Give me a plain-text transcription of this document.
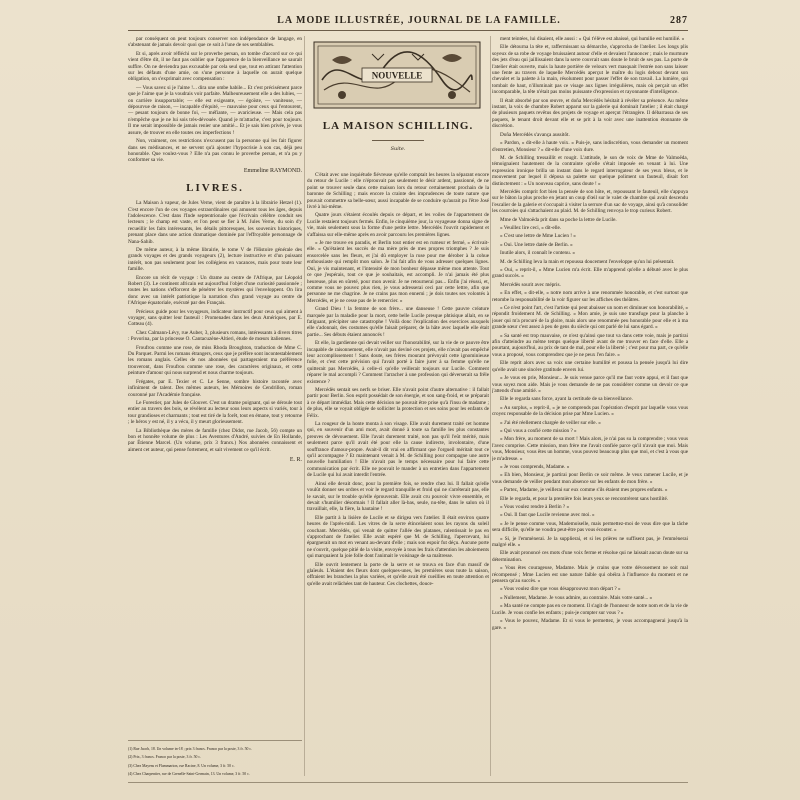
LA MODE ILLUSTRÉE, JOURNAL DE LA FAMILLE.	287

par conséquent on peut toujours conserver son indépendance de langage, en s'abstenant de jamais devoir quoi que ce soit à l'une de ses semblables.

Et si, après avoir réfléchi sur le proverbe persan, on tombe d'accord sur ce qui vient d'être dit, il ne faut pas oublier que l'apparence de la bienveillance ne saurait suffire. On ne deviendra pas excusable par cela seul que, tout en attirant l'attention sur les défauts d'une amie, on s'une personne à laquelle on aurait quelque obligation, on s'exprimait avec compensation :

— Vous savez si je l'aime !... dira une ombe habile... Et c'est précisément parce que je l'aime que je la voudrais voir parfaite. Malheureusement elle a des lubies, — on carrière insupportable; — elle est exigeante, — égoïste, — vaniteuse, — dépourvue de raison, — incapable d'équité, — mauvaise pour ceux qui l'entourent, — pesant toujours de bonne foi, — méfiante, — avaricieuse. — Mais cela pas n'empêche que je ne lui sois très-dévouée. Quand je m'attache, c'est pour toujours. Il me serait impossible de jamais renier une amitié... Et je sais bien privée, je vous assure, de trouver en elle toutes ces imperfections !

Non, vraiment, ces restrictions n'excusent pas la personne qui les fait figurer dans ses médisances, et ne servent qu'à ajouter l'hypocrisie à son cas, déjà peu honorable. Que voulez-vous ? Elle n'a pas connu le proverbe persan, et n'a pu y conformer sa vie.

Emmeline RAYMOND.
LIVRES.

La Maison à vapeur, de Jules Verne, vient de paraître à la librairie Hetzel (1). C'est encore l'un de ces voyages extraordinaires qui amusent tous les âges, depuis l'adolescence. C'est dans l'Inde septentrionale que l'écrivain célèbre conduit ses lecteurs ; le champ est vaste, et l'on peut se fier à M. Jules Verne, du soin d'y recueillir les faits intéressants, les détails pittoresques, les souvenirs historiques, prenant place dans une action dramatique dominée par l'effroyable personnage de Nana-Sahib.

De même auteur, à la même librairie, le tome V de l'Histoire générale des grands voyages et des grands voyageurs (2), lecture instructive et d'un puissant intérêt, non pas seulement pour les collégiens en vacances, mais pour toute leur famille.

Encore un récit de voyage : Un drame au centre de l'Afrique, par Léopold Robert (3). Le continent africain est aujourd'hui l'objet d'une curiosité passionnée ; toutes les nations s'efforcent de pénétrer les mystères qui l'enveloppent. On lira donc avec un intérêt patriotique la narration d'un grand voyage au centre de l'Afrique équatoriale, exécuté par des Français.

Précieux guide pour les voyageurs, indicateur instructif pour ceux qui aiment à voyager, sans quitter leur fauteuil : Promenades dans les deux Amériques, par E. Cotteau (4).

Chez Calmann-Lévy, rue Auber, 3, plusieurs romans, intéressants à divers titres : Povorina, par la princesse O. Cantacuzène-Altieri, étude de mœurs italiennes.

Froufrou comme une rose, de miss Rhoda Broughton, traduction de Mme C. Du Parquet. Parmi les romans étrangers, ceux que je préfère sont incontestablement les romans anglais. Celles de nos abonnées qui partageraient ma préférence trouveront, dans Froufrou comme une rose, des caractères originaux, et cette peinture d'amour qui nous surprend et nous charme toujours.

Frégates, par E. Texier et C. Le Senne, sombre histoire racontée avec infiniment de talent. Des mêmes auteurs, les Mémoires de Cendrillon, roman couronné par l'Académie française.

Le Forestier, par Jules de Glouvet. C'est un drame poignant, qui se déroule tout entier au travers des bois, se révèlent au lecteur sous leurs aspects si variés, tour à tour grandioses et charmants ; tout est tiré de la forêt, tout en émane, tout y retourne ; le héros y est né, il y a vécu, il y meurt glorieusement.

La Bibliothèque des mères de famille (chez Didot, rue Jacob, 56) compte un bon et honnête volume de plus : Les Aventures d'André, suivies de En Hollande, par Étienne Marcel. (Un volume, prix 3 francs.) Nos abonnées connaissent et aiment cet auteur, qui pense fortement, et sait vivement ce qu'il écrit.

E. R.

(1) Rue Jacob, 18. Un volume in-18 ; prix 3 francs. Franco par la poste, 3 fr. 50 c.

(2) Prix, 3 francs. Franco par la poste, 3 fr. 50 c.

(3) Chez Mayens et Flammarion, rue Racine, 8. Un volume, 3 fr. 50 c.

(4) Chez Charpentier, rue de Grenelle-Saint-Germain, 13. Un volume, 3 fr. 50 c.

NOUVELLE
LA MAISON SCHILLING.
Suite.

C'était avec une inquiétude fiévreuse qu'elle comptait les heures la séparant encore du retour de Lucile : elle n'éprouvait pas seulement le désir ardent, passionné, de ne point se trouver seule dans cette maison lors du retour certainement prochain de la baronne de Schilling ; mais encore la crainte des imprudences de toute nature que pouvait commettre sa belle-sœur, aussi incapable de se conduire qu'aurait pu l'être José livré à lui-même.

Quatre jours s'étaient écoulés depuis ce départ, et les voiles de l'appartement de Lucile restaient toujours fermés. Enfin, le cinquième jour, la voyageuse donna signe de vie, mais seulement sous la forme d'une petite lettre. Mercédès l'ouvrit rapidement et s'affaissa sur elle-même après en avoir parcouru les premières lignes.

« Je me trouve en paradis, et Berlin tout entier est en rumeur et fermé, » écrivait-elle. « Qu'étaient les succès de ma mère près de mes propres triomphes ? Je suis ensorcelée sans les fleurs, et j'ai dû employer la ruse pour me dérober à la cohue enthousiaste qui remplit mon salon. Je l'ai fait afin de vous adresser quelques lignes. Oui, je vis maintenant, et l'intensité de mon bonheur dépasse même mon attente. Tout ce que j'espérais, tout ce que je souhaitais, est accompli. Je n'ai jamais été plus heureuse, plus en sûreté, pour mon avenir. Je ne retournerai pas... Enfin j'ai réussi, et, comme vous ne pouvez plus rien, je vous adresserai ceci par cette lettre, afin que personne ne me chagrine. Je ne crains pas mon ennemi ; je dois toutes ses volontés à Mercédès, et je ne cesse pas de le remercier. »

Grand Dieu ! la femme de son frère... une danseuse ! Cette pauvre créature marquée par la maladie pour la mort, cette belle Lucile presque phtisique allait, en se fatiguant, précipiter une catastrophe ! Voilà donc l'explication des exercices auxquels elle s'adonnait, des costumes qu'elle faisait préparer, de la hâte avec laquelle elle était partie... Ses débuts étaient annoncés !

Et elle, la gardienne qui devait veiller sur l'honorabilité, sur la vie de ce pauvre être incapable de raisonnement, elle n'avait pas deviné ces projets, elle n'avait pas empêché leur accomplissement ! Sans doute, ses frères mourant prévoyait cette ignominieuse folie, et c'est cette prévision qui l'avait porté à faire jurer à sa femme qu'elle ne quitterait pas Mercédès, à celle-ci qu'elle veillerait toujours sur Lucile. Comment réparer le mal accompli ? Comment l'arracher à une profession qui déverserait sa frêle existence ?

Mercédès sentait ses nerfs se briser. Elle n'avait point d'autre alternative : il fallait partir pour Berlin. Son esprit possédait de son énergie, et son sang-froid, et se préparait à ce départ immédiat. Mais cette décision ne pouvait être prise qu'à l'insu de madame ; de plus, elle se voyait obligée de solliciter la protection et ses soins pour les enfants de Félix.

La rougeur de la honte monta à son visage. Elle avait durement traité cet homme qui, en souvenir d'un ami mort, avait donné à toute sa famille les plus constantes preuves de dévouement. Elle l'avait durement traité, non pas qu'il l'eût mérité, mais seulement parce qu'il avait été pour elle la cause indirecte, involontaire, d'une souffrance d'amour-propre. Avait-il dit vrai en affirmant que l'orgueil méritait tout ce qu'il accompagne ? Et maintenant venait à M. de Schilling pour compagne une autre nouvelle humiliation ! Elle n'avait pas le temps nécessaire pour lui faire cette communication par écrit. Elle ne pouvait le mander à un entretien dans l'appartement de Lucile qui lui avait interdit l'entrée.

Ainsi elle devait donc, pour la première fois, se rendre chez lui. Il fallait qu'elle voulût donner ses ordres et voir le regard tranquille et froid qui ne s'arrêterait pas, elle le savait, sur le trouble qu'elle éprouverait. Elle avait cru pouvoir vivre ensemble, et devait s'humilier désormais ! Il fallait aller là-bas, seule, nu-tête, dans le salon où il travaillait, elle, la fière, la hautaine !

Elle partit à la lisière de Lucile et se dirigea vers l'atelier. Il était environ quatre heures de l'après-midi. Les vitres de la serre étincelaient sous les rayons du soleil couchant. Mercédès, qui venait de quitter l'allée des platanes, ralentissait le pas en s'approchant de l'atelier. Elle avait espéré que M. de Schilling, l'apercevant, lui épargnerait un mot en venant au-devant d'elle ; mais son espoir fut déçu. Aucune porte ne s'ouvrit, quelque pitié de la visite, envoyée à tous les frais d'attention les aboiements qui marquaient la joie folle dont l'animait le voisinage de sa maîtresse.

Elle ouvrit lentement la porte de la serre et se trouva en face d'un massif de glaïeuls. L'étaient des fleurs dont quelques-unes, les premières sous toute la saison, offraient les branches la plus variées, et qu'elle avait été cueillies en toute attention et qu'elle avait relâchées tant de hauteur. Ces clochettes, douce-

ment teintées, lui disaient, elle aussi : « Qui t'élève est abaissé, qui humilie est humilié. »

Elle détourna la tête et, raffermissant sa démarche, s'approcha de l'atelier. Les longs plis soyeux de sa robe de voyage bruissaient autour d'elle et devaient l'annoncer ; mais le murmure des jets d'eau qui jaillissaient dans la serre couvrait sans doute le bruit de ses pas. La porte de l'atelier était ouverte, mais la haute portière de velours vert masquait l'entrée non sans laisser une fente au travers de laquelle Mercédès aperçut le maître du logis debout devant son chevalet et la palette à la main, résolument pour passer l'effet de son travail. La lumière, qui tombait de haut, n'illuminait pas ce visage aux lignes irrégulières, mais où perçait un effet incomparable, la tête n'était pas moins puissante d'expression et rayonnante d'intelligence.

Il était absorbé par son œuvre, et doña Mercédès hésitait à révéler sa présence. Au même instant, la voix de chambre Robert apparut sur la galerie qui dominait l'atelier ; il était chargé de plusieurs paquets revêtus des projets de voyage et aperçut l'étrangère. Il débarrassa de ses paquets, le tenant droit devant elle et se prit à la voir avec une inattention étonnante de discrétion.

Doña Mercédès s'avança aussitôt.

« Pardon, » dit-elle à haute voix. « Puis-je, sans indiscrétion, vous demander un moment d'entretien, Monsieur ? » dit-elle d'une voix dure.

M. de Schilling tressaillit et rougit. L'attitude, le son de voix de Mme de Valmoëda, témoignaient hautement de la contrainte qu'elle s'était imposée en venant à lui. Une expression ironique brilla un instant dans le regard interrogateur de ses yeux bleus, et le mouvement par lequel il déposa sa palette sur quelque poliment un fauteuil, disait fort distinctement : « Un nouveau caprice, sans doute ! »

Mercédès comprit fort bien la pensée de son hôte, et, repoussant le fauteuil, elle s'appuya sur le bâton la plus proche en jetant un coup d'œil sur le valet de chambre qui avait descendu l'escalier de la galerie et s'occupait à visiter la serrure d'un sac de voyage, ainsi qu'à consolider les courroies qui s'attachaient au plaid. M. de Schilling renvoya le trop curieux Robert.

Mme de Valmoëda prit dans sa poche la lettre de Lucile.

« Veuillez lire ceci, » dit-elle.

« C'est une lettre de Mme Lucien ! »

« Oui. Une lettre datée de Berlin. »

Inutile alors, il connaît le contenu. »

M. de Schilling leva la main et repoussa doucement l'enveloppe qu'un lui présentait.

« Oui, » reprit-il, « Mme Lucien m'a écrit. Elle m'apprend qu'elle a débuté avec le plus grand succès. »

Mercédès sourit avec mépris.

« En effet, » dit-elle, « notre nom arrive à une renommée honorable, et c'est surtout que retombe la responsabilité de la voir figurer sur les affiches des théâtres.

« Ce n'est point l'art, c'est l'artiste qui peut abaisser un nom et diminuer son honorabilité, » répondit froidement M. de Schilling. « Mon amie, je suis une transfuge pour la planche à jouer qui m'a procuré de la gloire, mais alors une renommée peu honorable pour elle et à ma grande sœur c'est assez à peu de gens du siècle qui ont parlé de lui sans égard. »

« Sa santé est trop mauvaise, ce n'est qu'ainsi que tout va dans cette voie, mais je partirai afin d'atteindre au même temps quelque liberté avant de me trouver en face d'elle. Elle a pourtant, aujourd'hui, au prix de tant de mal, pour elle la liberté ; c'est pour ma part, ce qu'elle vous a proposé, vous comprendrez que je ne peux l'en faire. »

Elle reprit alors avec sa voix une certaine humilité et poussa la pensée jusqu'à lui dire qu'elle avait une sincère gratitude envers lui.

« Je vous en prie, Monsieur... Je suis venue parce qu'il me faut votre appui, et il faut que vous soyez mon aide. Mais je vous demande de ne pas considérer comme un devoir ce que j'attends d'une amitié. »

Elle le regarda sans force, ayant la certitude de sa bienveillance.

« Au surplus, » reprit-il, « je ne comprends pas l'opération d'esprit par laquelle vous vous croyez responsable de la décision prise par Mme Lucien. »

« J'ai été réellement chargée de veiller sur elle. »

« Qui vous a confié cette mission ? »

« Mon frère, au moment de sa mort ! Mais alors, je n'ai pas su la comprendre ; vous vous l'avez comprise. Cette mission, mon frère me l'avait confiée parce qu'il n'avait que moi. Mais vous, Monsieur, vous êtes un homme, vous pouvez beaucoup plus que moi, et c'est à vous que je m'adresse. »

« Je vous comprends, Madame. »

« Eh bien, Monsieur, je partirai pour Berlin ce soir même. Je veux ramener Lucile, et je vous demande de veiller pendant mon absence sur les enfants de mon frère. »

« Partez, Madame, je veillerai sur eux comme s'ils étaient mes propres enfants. »

Elle le regarda, et pour la première fois leurs yeux se rencontrèrent sans hostilité.

« Vous voulez rendre à Berlin ? »

« Oui. Il faut que Lucile revienne avec moi. »

« Je le pense comme vous, Mademoiselle, mais permettez-moi de vous dire que la tâche sera difficile, qu'elle ne voudra peut-être pas vous écouter. »

« Si, je l'emmènerai. Je la supplierai, et si les prières ne suffisent pas, je l'emmènerai malgré elle. »

Elle avait prononcé ces mots d'une voix ferme et résolue qui ne laissait aucun doute sur sa détermination.

« Vous êtes courageuse, Madame. Mais je crains que votre dévouement ne soit mal récompensé ; Mme Lucien est une nature faible qui obéira à l'influence du moment et ne pensera qu'au succès. »

« Vous voulez dire que vous désapprouvez mon départ ? »

« Nullement, Madame. Je vous admire, au contraire. Mais votre santé... »

« Ma santé ne compte pas en ce moment. Il s'agit de l'honneur de notre nom et de la vie de Lucile. Je vous confie les enfants ; puis-je compter sur vous ? »

« Vous le pouvez, Madame. Et si vous le permettez, je vous accompagnerai jusqu'à la gare. »
